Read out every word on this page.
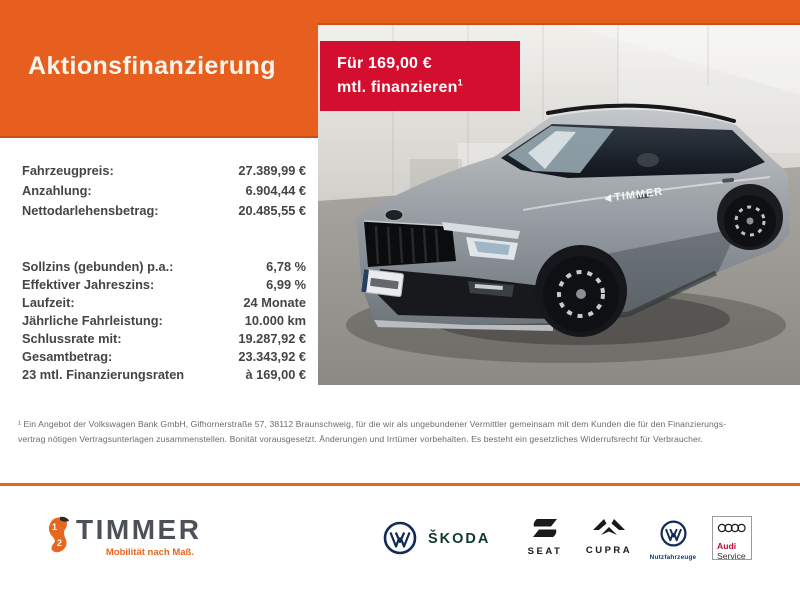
Aktionsfinanzierung
TIMMER
Für 169,00 €
mtl. finanzieren$^1$
Fahrzeugpreis:	27.389,99 €
Anzahlung:	6.904,44 €
Nettodarlehensbetrag:	20.485,55 €
Sollzins (gebunden) p.a.:	6,78 %
Effektiver Jahreszins:	6,99 %
Laufzeit:	24 Monate
Jährliche Fahrleistung:	10.000 km
Schlussrate mit:	19.287,92 €
Gesamtbetrag:	23.343,92 €
23 mtl. Finanzierungsraten	à 169,00 €
¹ Ein Angebot der Volkswagen Bank GmbH, Gifhornerstraße 57, 38112 Braunschweig, für die wir als ungebundener Vermittler gemeinsam mit dem Kunden die für den Finanzierungs-
vertrag nötigen Vertragsunterlagen zusammenstellen. Bonität vorausgesetzt. Änderungen und Irrtümer vorbehalten. Es besteht ein gesetzliches Widerrufsrecht für Verbraucher.
1
2 TIMMER
Mobilität nach Maß.
ŠKODA
SEAT	CUPRA
Nutzfahrzeuge
Audi
Service
